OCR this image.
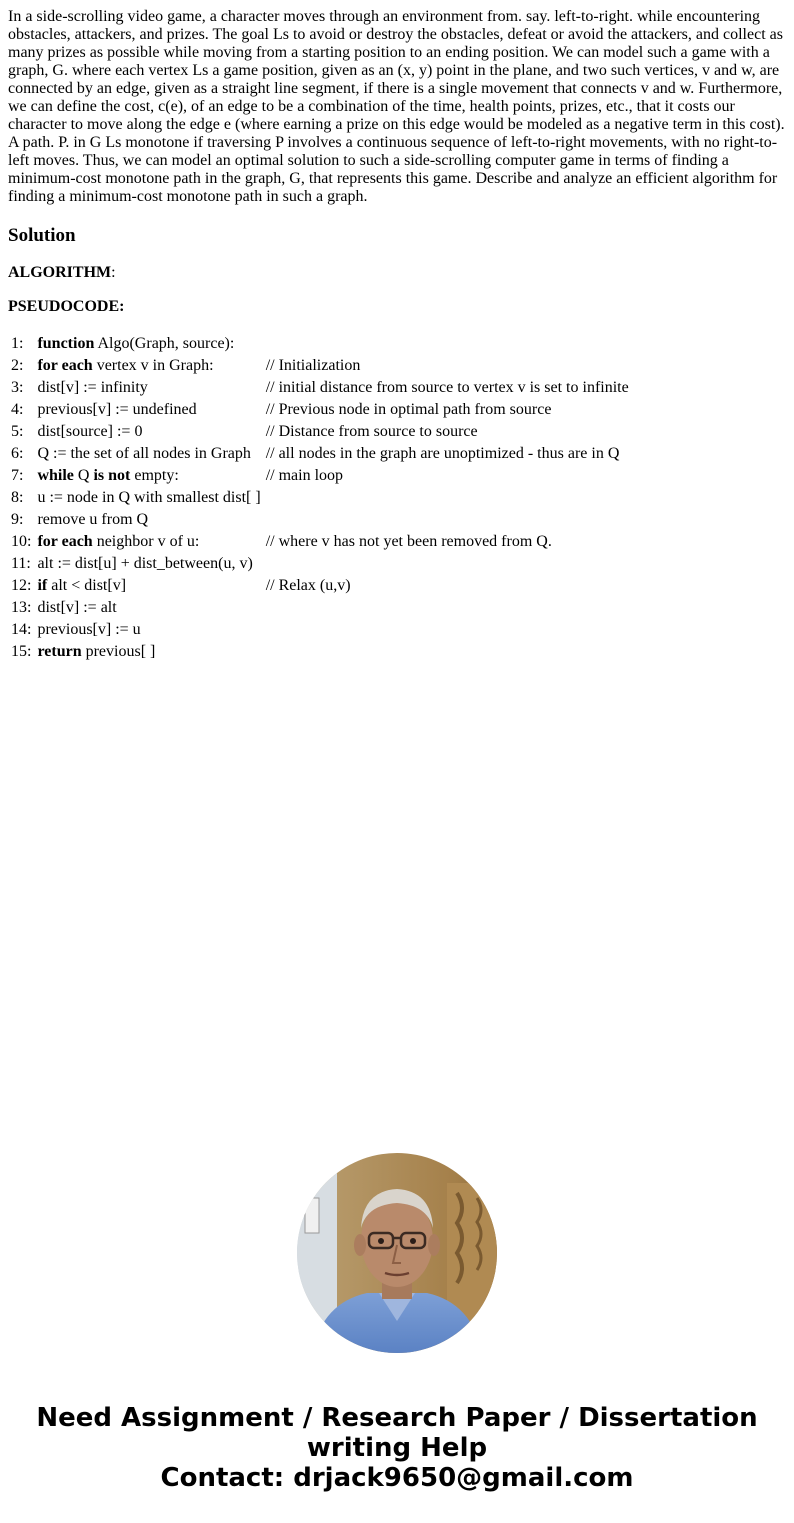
In a side-scrolling video game, a character moves through an environment from. say. left-to-right. while encountering obstacles, attackers, and prizes. The goal Ls to avoid or destroy the obstacles, defeat or avoid the attackers, and collect as many prizes as possible while moving from a starting position to an ending position. We can model such a game with a graph, G. where each vertex Ls a game position, given as an (x, y) point in the plane, and two such vertices, v and w, are connected by an edge, given as a straight line segment, if there is a single movement that connects v and w. Furthermore, we can define the cost, c(e), of an edge to be a combination of the time, health points, prizes, etc., that it costs our character to move along the edge e (where earning a prize on this edge would be modeled as a negative term in this cost). A path. P. in G Ls monotone if traversing P involves a continuous sequence of left-to-right movements, with no right-to-left moves. Thus, we can model an optimal solution to such a side-scrolling computer game in terms of finding a minimum-cost monotone path in the graph, G, that represents this game. Describe and analyze an efficient algorithm for finding a minimum-cost monotone path in such a graph.

Solution

ALGORITHM:

PSEUDOCODE:

1:	function Algo(Graph, source):	
2:	for each vertex v in Graph:	// Initialization
3:	dist[v] := infinity	// initial distance from source to vertex v is set to infinite
4:	previous[v] := undefined	// Previous node in optimal path from source
5:	dist[source] := 0	// Distance from source to source
6:	Q := the set of all nodes in Graph	// all nodes in the graph are unoptimized - thus are in Q
7:	while Q is not empty:	// main loop
8:	u := node in Q with smallest dist[ ]	
9:	remove u from Q	
10:	for each neighbor v of u:	// where v has not yet been removed from Q.
11:	alt := dist[u] + dist_between(u, v)	
12:	if alt < dist[v]	// Relax (u,v)
13:	dist[v] := alt	
14:	previous[v] := u	
15:	return previous[ ]	

Need Assignment / Research Paper / Dissertation
writing Help
Contact: drjack9650@gmail.com
